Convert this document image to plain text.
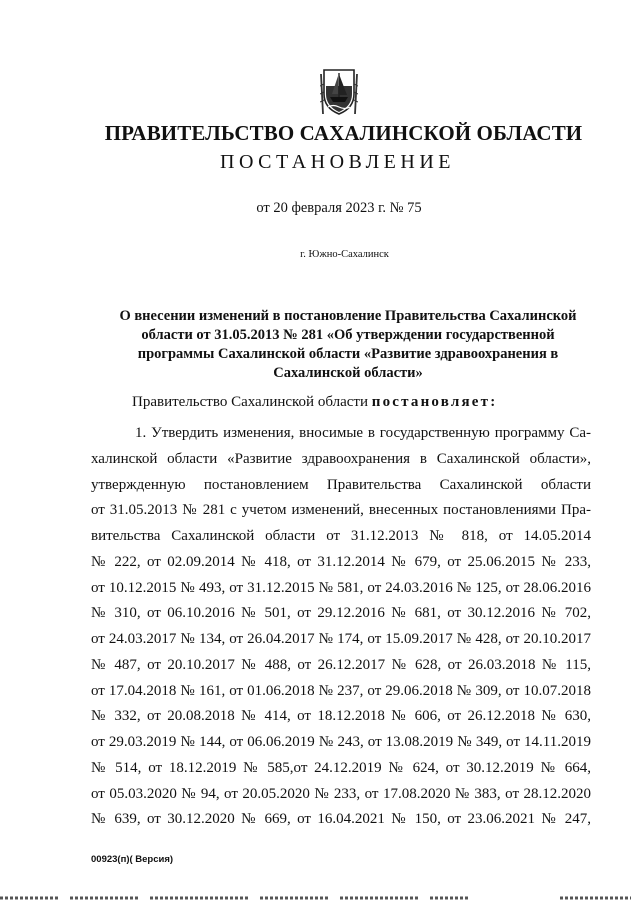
ПРАВИТЕЛЬСТВО САХАЛИНСКОЙ ОБЛАСТИ
ПОСТАНОВЛЕНИЕ
от 20 февраля 2023 г. № 75
г. Южно-Сахалинск
О внесении изменений в постановление Правительства Сахалинской
области от 31.05.2013 № 281 «Об утверждении государственной
программы Сахалинской области «Развитие здравоохранения в
Сахалинской области»
Правительство Сахалинской области постановляет:
1. Утвердить изменения, вносимые в государственную программу Са-
халинской области «Развитие здравоохранения в Сахалинской области»,
утвержденную постановлением Правительства Сахалинской области
от 31.05.2013 № 281 с учетом изменений, внесенных постановлениями Пра-
вительства Сахалинской области от 31.12.2013 № 818, от 14.05.2014
№ 222, от 02.09.2014 № 418, от 31.12.2014 № 679, от 25.06.2015 № 233,
от 10.12.2015 № 493, от 31.12.2015 № 581, от 24.03.2016 № 125, от 28.06.2016
№ 310, от 06.10.2016 № 501, от 29.12.2016 № 681, от 30.12.2016 № 702,
от 24.03.2017 № 134, от 26.04.2017 № 174, от 15.09.2017 № 428, от 20.10.2017
№ 487, от 20.10.2017 № 488, от 26.12.2017 № 628, от 26.03.2018 № 115,
от 17.04.2018 № 161, от 01.06.2018 № 237, от 29.06.2018 № 309, от 10.07.2018
№ 332, от 20.08.2018 № 414, от 18.12.2018 № 606, от 26.12.2018 № 630,
от 29.03.2019 № 144, от 06.06.2019 № 243, от 13.08.2019 № 349, от 14.11.2019
№ 514, от 18.12.2019 № 585,от 24.12.2019 № 624, от 30.12.2019 № 664,
от 05.03.2020 № 94, от 20.05.2020 № 233, от 17.08.2020 № 383, от 28.12.2020
№ 639, от 30.12.2020 № 669, от 16.04.2021 № 150, от 23.06.2021 № 247,
00923(п)( Версия)
